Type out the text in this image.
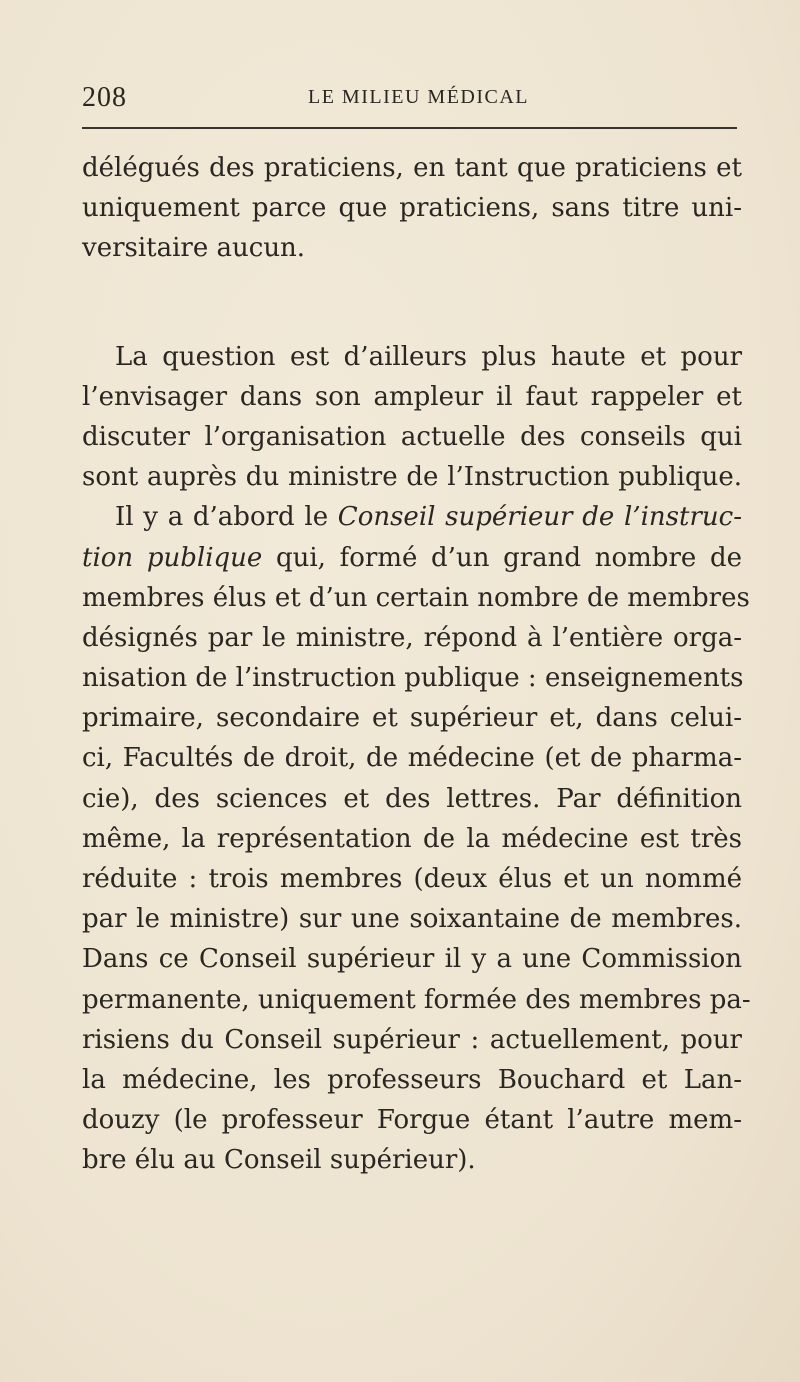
208	LE MILIEU MÉDICAL
délégués des praticiens, en tant que praticiens et
uniquement parce que praticiens, sans titre uni-
versitaire aucun.
La question est d’ailleurs plus haute et pour
l’envisager dans son ampleur il faut rappeler et
discuter l’organisation actuelle des conseils qui
sont auprès du ministre de l’Instruction publique.
Il y a d’abord le Conseil supérieur de l’instruc-
tion publique qui, formé d’un grand nombre de
membres élus et d’un certain nombre de membres
désignés par le ministre, répond à l’entière orga-
nisation de l’instruction publique : enseignements
primaire, secondaire et supérieur et, dans celui-
ci, Facultés de droit, de médecine (et de pharma-
cie), des sciences et des lettres. Par définition
même, la représentation de la médecine est très
réduite : trois membres (deux élus et un nommé
par le ministre) sur une soixantaine de membres.
Dans ce Conseil supérieur il y a une Commission
permanente, uniquement formée des membres pa-
risiens du Conseil supérieur : actuellement, pour
la médecine, les professeurs Bouchard et Lan-
douzy (le professeur Forgue étant l’autre mem-
bre élu au Conseil supérieur).
